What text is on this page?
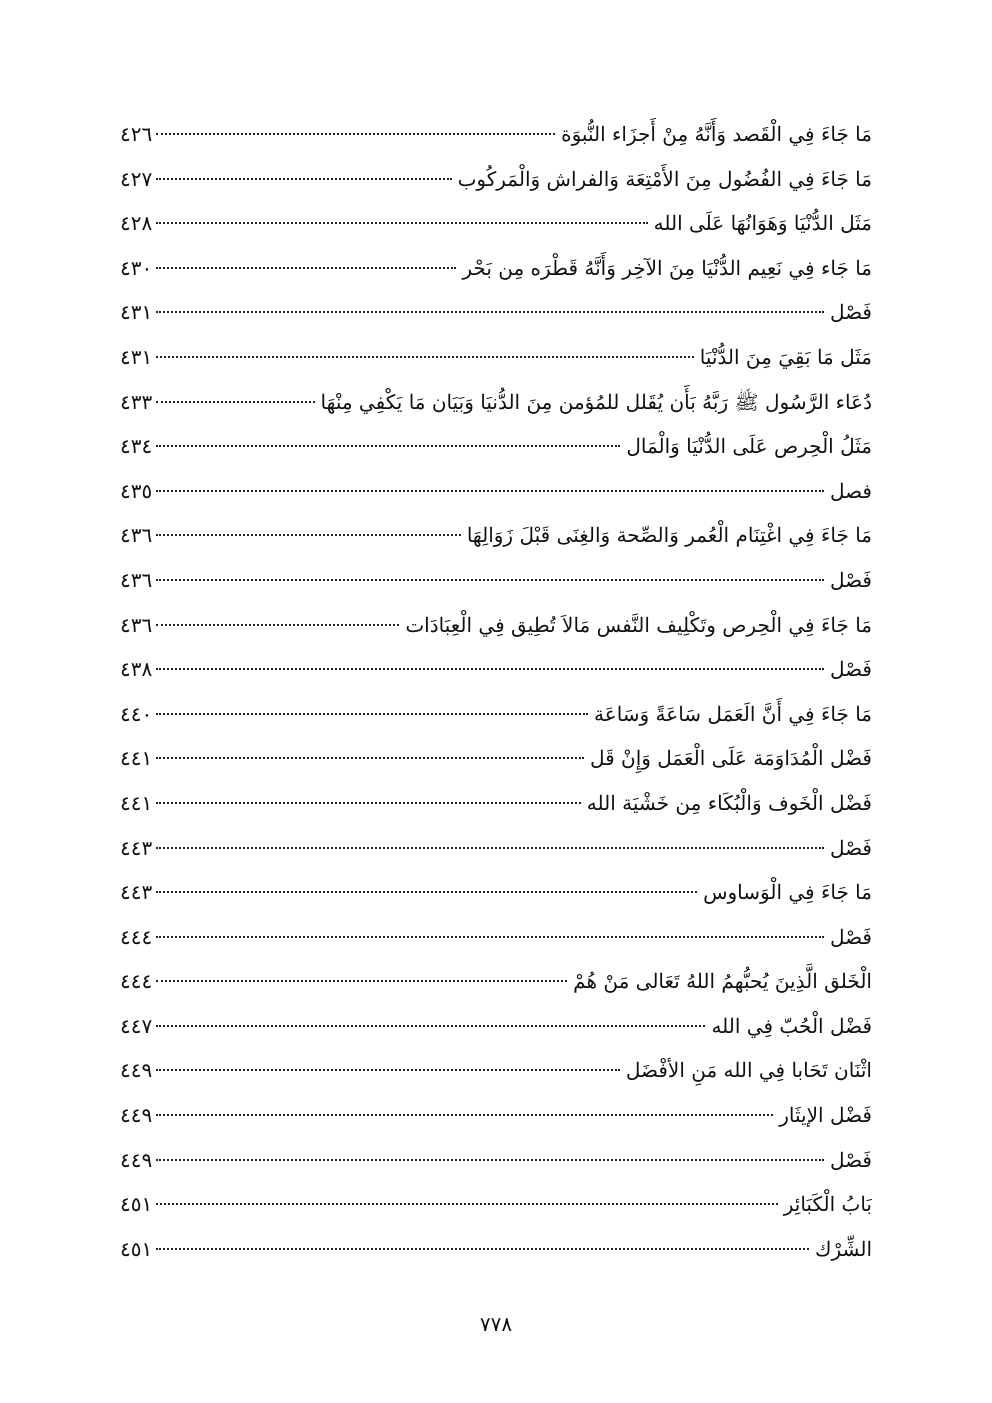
مَا جَاءَ فِي الْقَصد وَأَنَّهُ مِنْ أَجزَاء النُّبوَة
٤٢٦
مَا جَاءَ فِي الفُضُول مِنَ الأَمْتِعَة وَالفراش وَالْمَركُوب
٤٢٧
مَثَل الدُّنْيَا وَهَوَانُهَا عَلَى الله
٤٢٨
مَا جَاء فِي نَعِيم الدُّنْيَا مِنَ الآخِر وَأَنَّهُ قَطْرَه مِن بَحْر
٤٣٠
فَصْل
٤٣١
مَثَل مَا بَقِيَ مِنَ الدُّنْيَا
٤٣١
دُعَاء الرَّسُول ﷺ رَبَّهُ بَأَن يُقَلل للمُؤمن مِنَ الدُّنيَا وَبَيَان مَا يَكْفِي مِنْهَا
٤٣٣
مَثَلُ الْحِرص عَلَى الدُّنْيَا وَالْمَال
٤٣٤
فصل
٤٣٥
مَا جَاءَ فِي اغْتِنَام الْعُمر وَالصِّحة وَالغِنَى قَبْلَ زَوَالِهَا
٤٣٦
فَصْل
٤٣٦
مَا جَاءَ فِي الْحِرص وتَكْلِيف النَّفس مَالاَ تُطِيق فِي الْعِبَادَات
٤٣٦
فَصْل
٤٣٨
مَا جَاءَ فِي أَنَّ الَعَمَل سَاعَةً وَسَاعَة
٤٤٠
فَضْل الْمُدَاوَمَة عَلَى الْعَمَل وَإِنْ قَل
٤٤١
فَضْل الْخَوف وَالْبُكَاء مِن خَشْيَة الله
٤٤١
فَصْل
٤٤٣
مَا جَاءَ فِي الْوَساوس
٤٤٣
فَصْل
٤٤٤
الْخَلق الَّذِينَ يُحبُّهمُ اللهُ تَعَالى مَنْ هُمْ
٤٤٤
فَضْل الْحُبّ فِي الله
٤٤٧
اثْنَان تَحَابا فِي الله مَنِ الأفْضَل
٤٤٩
فَضْل الإيثَار
٤٤٩
فَصْل
٤٤٩
بَابُ الْكَبَائِر
٤٥١
الشِّرْك
٤٥١
٧٧٨
